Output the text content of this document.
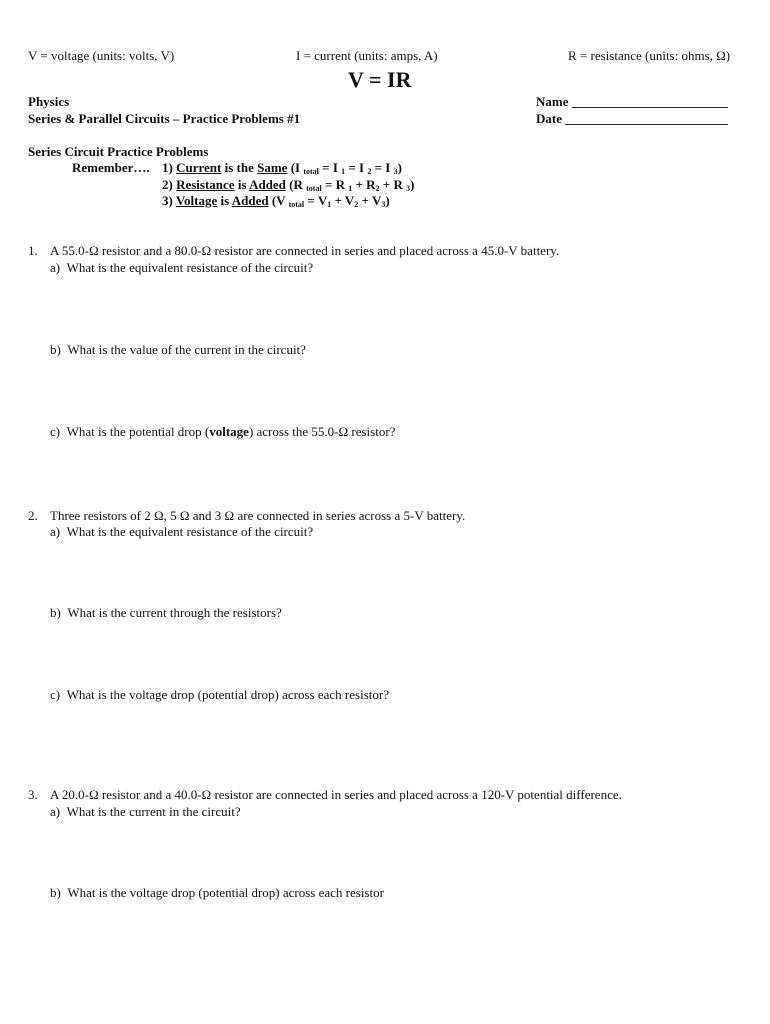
V = voltage (units: volts, V)	I = current (units: amps, A)	R = resistance (units: ohms, Ω)
V = IR
Physics
Series & Parallel Circuits – Practice Problems #1
Name ________________________
Date _________________________
Series Circuit Practice Problems
Remember…. 1) Current is the Same (I $_{total}$ = I $_1$ = I $_2$ = I $_3$)
2) Resistance is Added (R $_{total}$ = R $_1 + R_2 + R$ $_3$)
3) Voltage is Added (V $_{total} = V_1 + V_2 + V_3$)
1. A 55.0-Ω resistor and a 80.0-Ω resistor are connected in series and placed across a 45.0-V battery.
a) What is the equivalent resistance of the circuit?
b) What is the value of the current in the circuit?
c) What is the potential drop (voltage) across the 55.0-Ω resistor?
2. Three resistors of 2 Ω, 5 Ω and 3 Ω are connected in series across a 5-V battery.
a) What is the equivalent resistance of the circuit?
b) What is the current through the resistors?
c) What is the voltage drop (potential drop) across each resistor?
3. A 20.0-Ω resistor and a 40.0-Ω resistor are connected in series and placed across a 120-V potential difference.
a) What is the current in the circuit?
b) What is the voltage drop (potential drop) across each resistor
